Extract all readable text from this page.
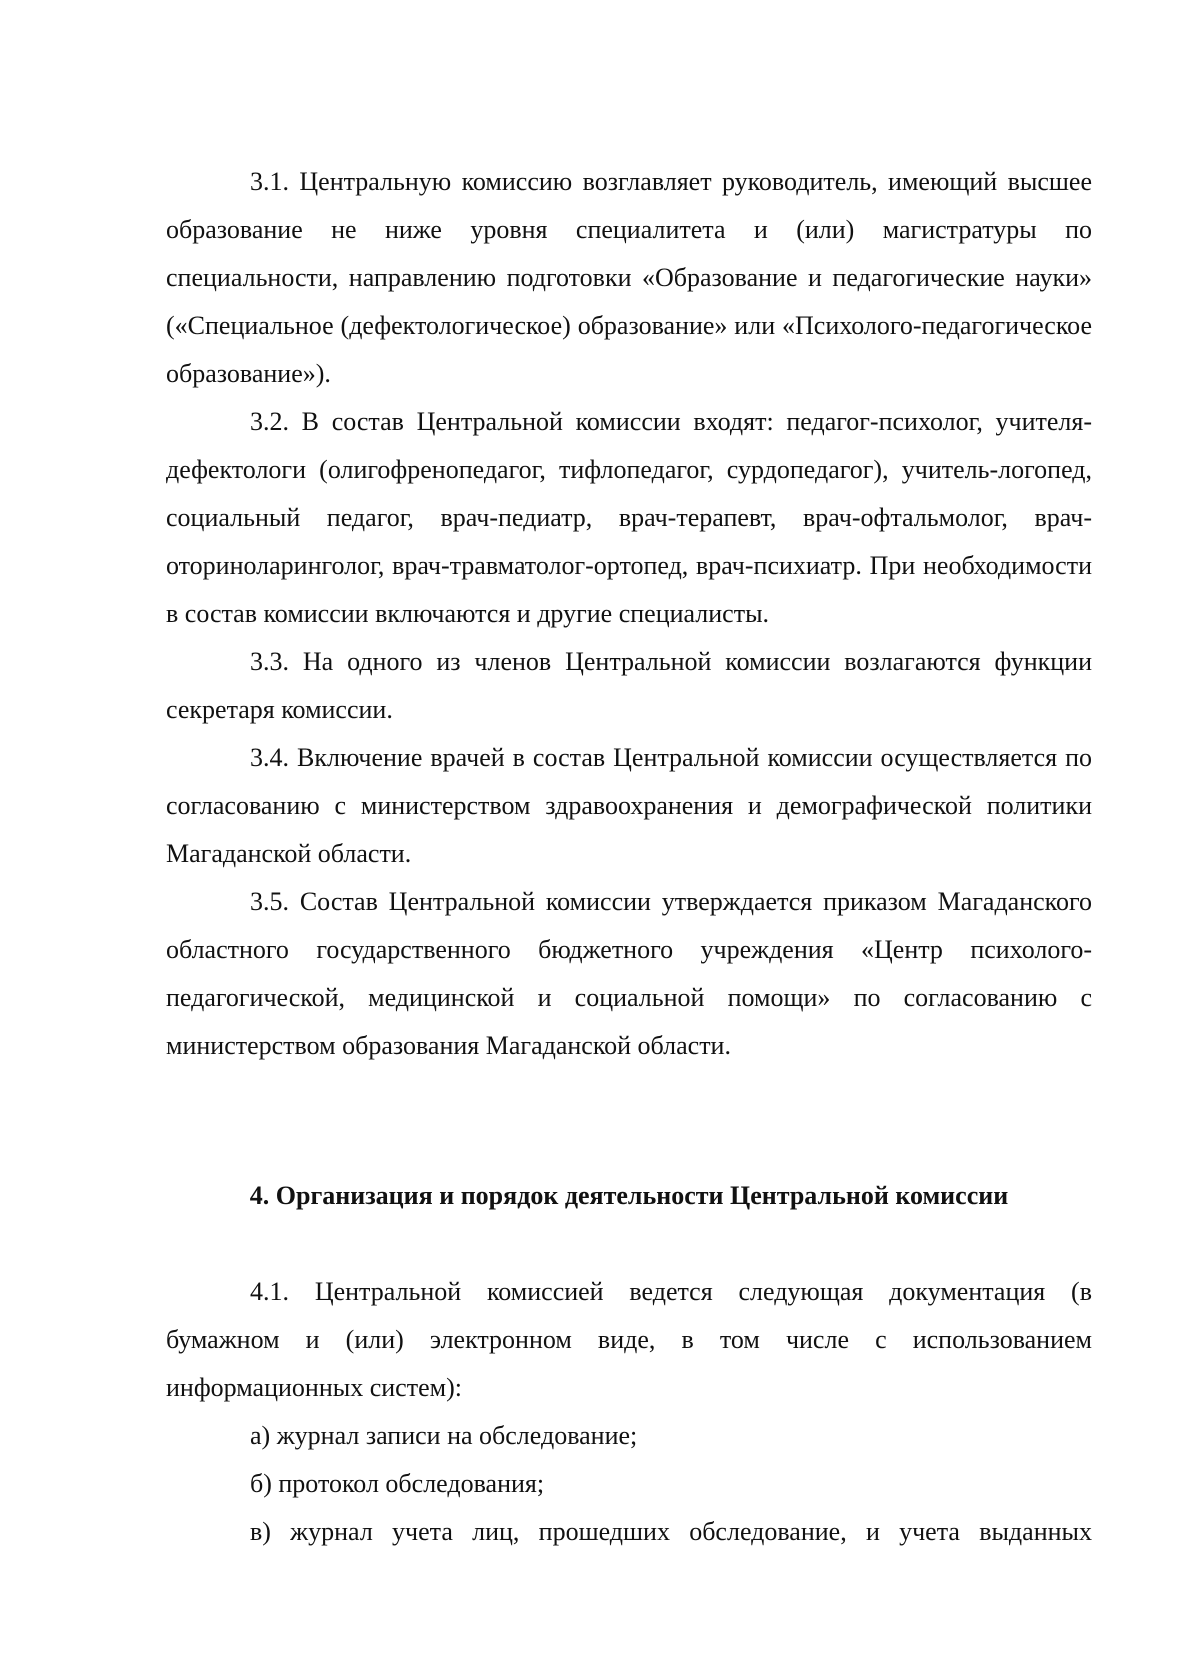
3.1. Центральную комиссию возглавляет руководитель, имеющий высшее образование не ниже уровня специалитета и (или) магистратуры по специальности, направлению подготовки «Образование и педагогические науки» («Специальное (дефектологическое) образование» или «Психолого-педагогическое образование»).

3.2. В состав Центральной комиссии входят: педагог-психолог, учителя-дефектологи (олигофренопедагог, тифлопедагог, сурдопедагог), учитель-логопед, социальный педагог, врач-педиатр, врач-терапевт, врач-офтальмолог, врач-оториноларинголог, врач-травматолог-ортопед, врач-психиатр. При необходимости в состав комиссии включаются и другие специалисты.

3.3. На одного из членов Центральной комиссии возлагаются функции секретаря комиссии.

3.4. Включение врачей в состав Центральной комиссии осуществляется по согласованию с министерством здравоохранения и демографической политики Магаданской области.

3.5. Состав Центральной комиссии утверждается приказом Магаданского областного государственного бюджетного учреждения «Центр психолого-педагогической, медицинской и социальной помощи» по согласованию с министерством образования Магаданской области.

4. Организация и порядок деятельности Центральной комиссии

4.1. Центральной комиссией ведется следующая документация (в бумажном и (или) электронном виде, в том числе с использованием информационных систем):

а) журнал записи на обследование;

б) протокол обследования;

в) журнал учета лиц, прошедших обследование, и учета выданных
